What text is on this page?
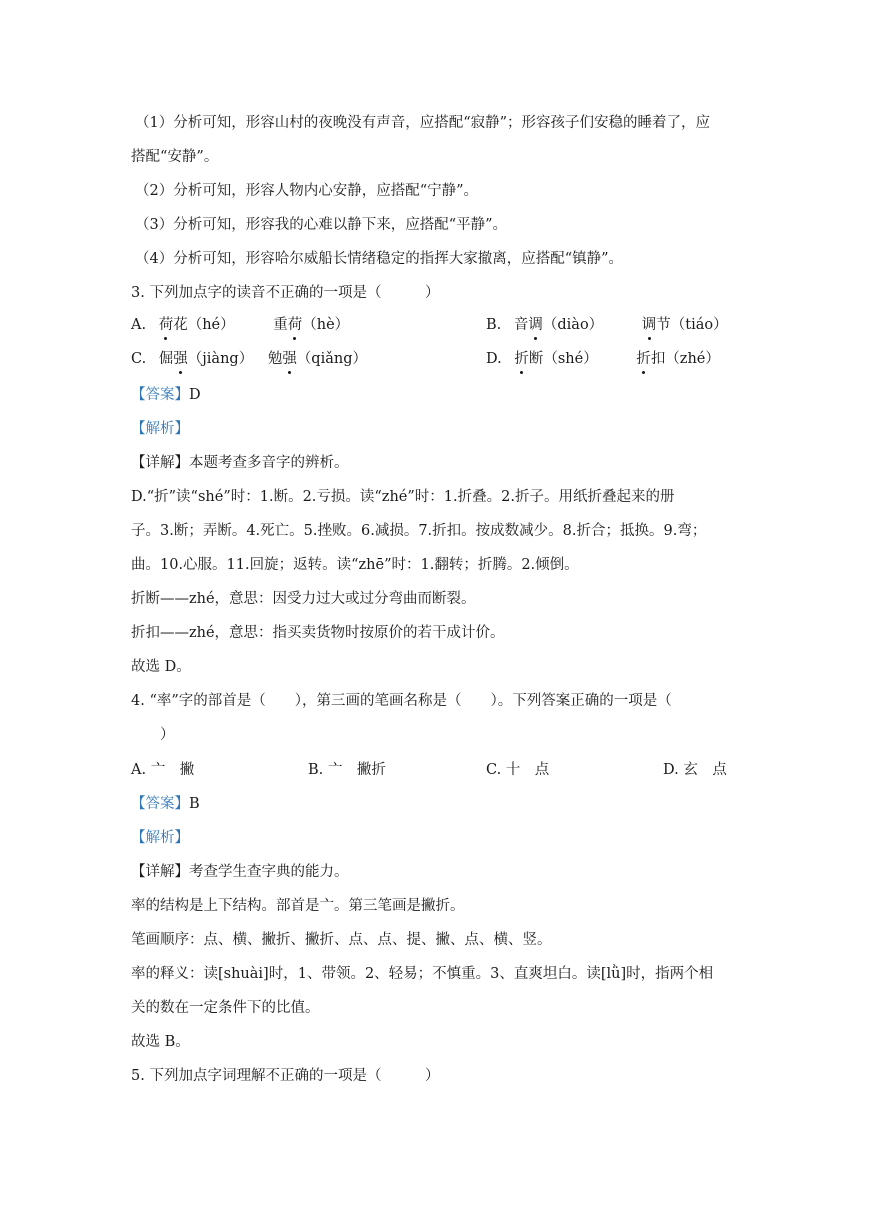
（1）分析可知，形容山村的夜晚没有声音，应搭配“寂静”；形容孩子们安稳的睡着了，应
搭配“安静”。
（2）分析可知，形容人物内心安静，应搭配“宁静”。
（3）分析可知，形容我的心难以静下来，应搭配“平静”。
（4）分析可知，形容哈尔威船长情绪稳定的指挥大家撤离，应搭配“镇静”。
3. 下列加点字的读音不正确的一项是（　　　）
A. 荷花（hé）	重荷（hè）	B. 音调（diào）	调节（tiáo）
C. 倔强（jiàng） 勉强（qiǎng）	D. 折断（shé）	折扣（zhé）
【答案】D
【解析】
【详解】本题考查多音字的辨析。
D.“折”读“shé”时：1.断。2.亏损。读“zhé”时：1.折叠。2.折子。用纸折叠起来的册
子。3.断；弄断。4.死亡。5.挫败。6.减损。7.折扣。按成数减少。8.折合；抵换。9.弯；
曲。10.心服。11.回旋；返转。读“zhē”时：1.翻转；折腾。2.倾倒。
折断——zhé，意思：因受力过大或过分弯曲而断裂。
折扣——zhé，意思：指买卖货物时按原价的若干成计价。
故选 D。
4. “率”字的部首是（　　），第三画的笔画名称是（　　）。下列答案正确的一项是（
）
A. 亠　撇	B. 亠　撇折	C. 十　点	D. 玄　点
【答案】B
【解析】
【详解】考查学生查字典的能力。
率的结构是上下结构。部首是亠。第三笔画是撇折。
笔画顺序：点、横、撇折、撇折、点、点、提、撇、点、横、竖。
率的释义：读[shuài]时，1、带领。2、轻易；不慎重。3、直爽坦白。读[lǜ]时，指两个相
关的数在一定条件下的比值。
故选 B。
5. 下列加点字词理解不正确的一项是（　　　）
